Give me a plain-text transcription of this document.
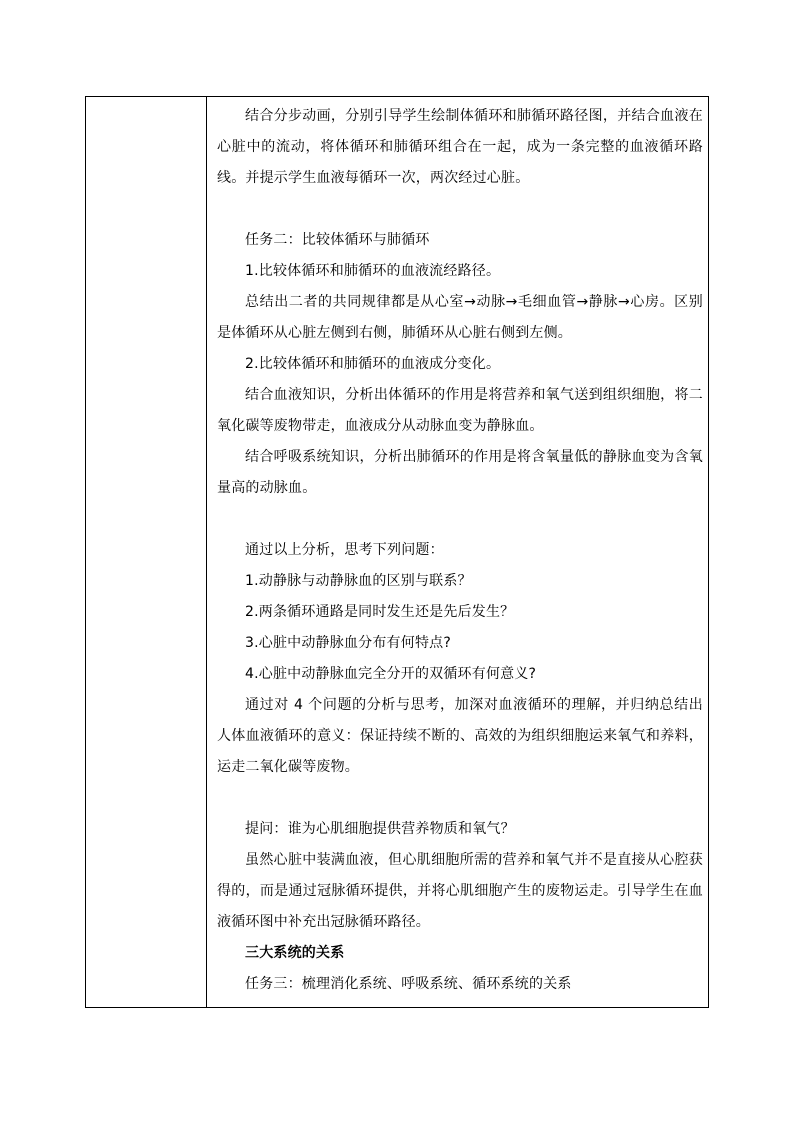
结合分步动画，分别引导学生绘制体循环和肺循环路径图，并结合血液在心脏中的流动，将体循环和肺循环组合在一起，成为一条完整的血液循环路线。并提示学生血液每循环一次，两次经过心脏。

任务二：比较体循环与肺循环

1.比较体循环和肺循环的血液流经路径。

总结出二者的共同规律都是从心室→动脉→毛细血管→静脉→心房。区别是体循环从心脏左侧到右侧，肺循环从心脏右侧到左侧。

2.比较体循环和肺循环的血液成分变化。

结合血液知识，分析出体循环的作用是将营养和氧气送到组织细胞，将二氧化碳等废物带走，血液成分从动脉血变为静脉血。

结合呼吸系统知识，分析出肺循环的作用是将含氧量低的静脉血变为含氧量高的动脉血。

通过以上分析，思考下列问题：

1.动静脉与动静脉血的区别与联系？

2.两条循环通路是同时发生还是先后发生？

3.心脏中动静脉血分布有何特点?

4.心脏中动静脉血完全分开的双循环有何意义?

通过对 4 个问题的分析与思考，加深对血液循环的理解，并归纳总结出人体血液循环的意义：保证持续不断的、高效的为组织细胞运来氧气和养料，运走二氧化碳等废物。

提问：谁为心肌细胞提供营养物质和氧气？

虽然心脏中装满血液，但心肌细胞所需的营养和氧气并不是直接从心腔获得的，而是通过冠脉循环提供，并将心肌细胞产生的废物运走。引导学生在血液循环图中补充出冠脉循环路径。

三大系统的关系

任务三：梳理消化系统、呼吸系统、循环系统的关系
